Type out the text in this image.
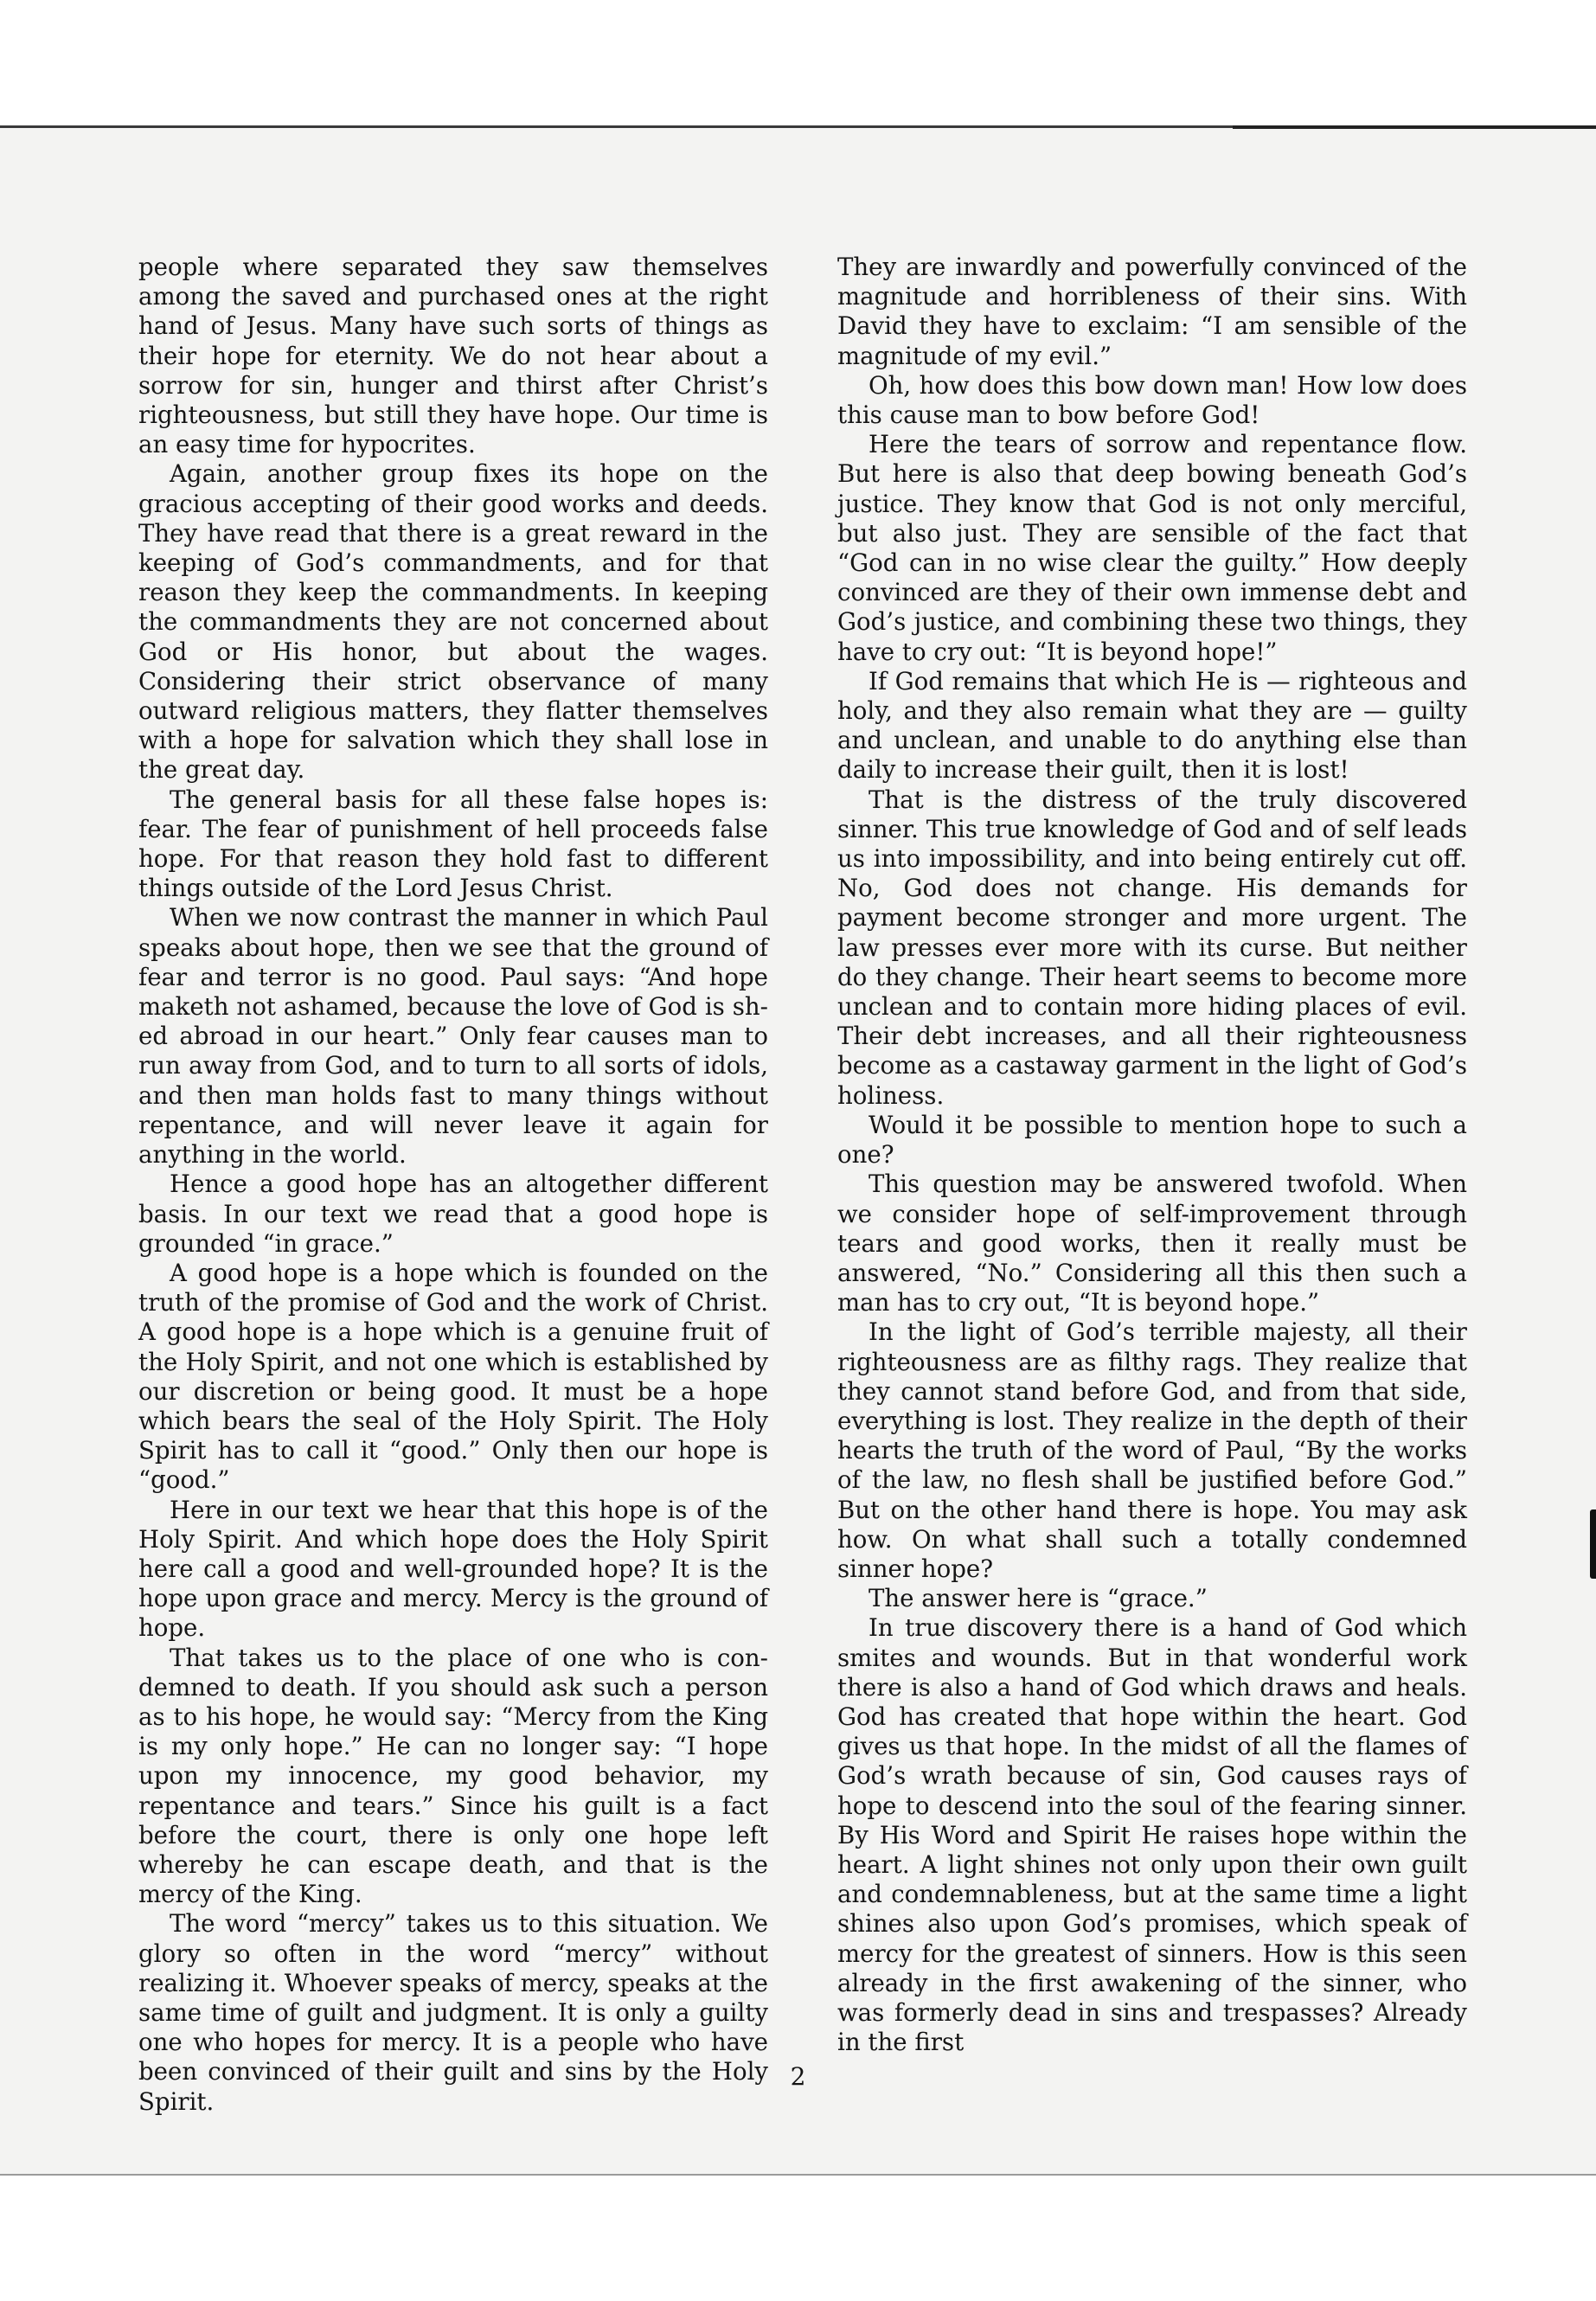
people where separated they saw themselves among the saved and purchased ones at the right hand of Jesus. Many have such sorts of things as their hope for eternity. We do not hear about a sorrow for sin, hunger and thirst after Christ’s righteousness, but still they have hope. Our time is an easy time for hypocrites.

Again, another group fixes its hope on the gracious accepting of their good works and deeds. They have read that there is a great reward in the keeping of God’s commandments, and for that reason they keep the commandments. In keeping the commandments they are not concerned about God or His honor, but about the wages. Considering their strict observance of many outward religious matters, they flatter themselves with a hope for salvation which they shall lose in the great day.

The general basis for all these false hopes is: fear. The fear of punishment of hell proceeds false hope. For that reason they hold fast to different things outside of the Lord Jesus Christ.

When we now contrast the manner in which Paul speaks about hope, then we see that the ground of fear and terror is no good. Paul says: “And hope maketh not ashamed, because the love of God is shed abroad in our heart.” Only fear causes man to run away from God, and to turn to all sorts of idols, and then man holds fast to many things without repentance, and will never leave it again for anything in the world.

Hence a good hope has an altogether different basis. In our text we read that a good hope is grounded “in grace.”

A good hope is a hope which is founded on the truth of the promise of God and the work of Christ. A good hope is a hope which is a genuine fruit of the Holy Spirit, and not one which is established by our discretion or being good. It must be a hope which bears the seal of the Holy Spirit. The Holy Spirit has to call it “good.” Only then our hope is “good.”

Here in our text we hear that this hope is of the Holy Spirit. And which hope does the Holy Spirit here call a good and well-grounded hope? It is the hope upon grace and mercy. Mercy is the ground of hope.

That takes us to the place of one who is condemned to death. If you should ask such a person as to his hope, he would say: “Mercy from the King is my only hope.” He can no longer say: “I hope upon my innocence, my good behavior, my repentance and tears.” Since his guilt is a fact before the court, there is only one hope left whereby he can escape death, and that is the mercy of the King.

The word “mercy” takes us to this situation. We glory so often in the word “mercy” without realizing it. Whoever speaks of mercy, speaks at the same time of guilt and judgment. It is only a guilty one who hopes for mercy. It is a people who have been convinced of their guilt and sins by the Holy Spirit.

They are inwardly and powerfully convinced of the magnitude and horribleness of their sins. With David they have to exclaim: “I am sensible of the magnitude of my evil.”

Oh, how does this bow down man! How low does this cause man to bow before God!

Here the tears of sorrow and repentance flow. But here is also that deep bowing beneath God’s justice. They know that God is not only merciful, but also just. They are sensible of the fact that “God can in no wise clear the guilty.” How deeply convinced are they of their own immense debt and God’s justice, and combining these two things, they have to cry out: “It is beyond hope!”

If God remains that which He is — righteous and holy, and they also remain what they are — guilty and unclean, and unable to do anything else than daily to increase their guilt, then it is lost!

That is the distress of the truly discovered sinner. This true knowledge of God and of self leads us into impossibility, and into being entirely cut off. No, God does not change. His demands for payment become stronger and more urgent. The law presses ever more with its curse. But neither do they change. Their heart seems to become more unclean and to contain more hiding places of evil. Their debt increases, and all their righteousness become as a castaway garment in the light of God’s holiness.

Would it be possible to mention hope to such a one?

This question may be answered twofold. When we consider hope of self-improvement through tears and good works, then it really must be answered, “No.” Considering all this then such a man has to cry out, “It is beyond hope.”

In the light of God’s terrible majesty, all their righteousness are as filthy rags. They realize that they cannot stand before God, and from that side, everything is lost. They realize in the depth of their hearts the truth of the word of Paul, “By the works of the law, no flesh shall be justified before God.” But on the other hand there is hope. You may ask how. On what shall such a totally condemned sinner hope?

The answer here is “grace.”

In true discovery there is a hand of God which smites and wounds. But in that wonderful work there is also a hand of God which draws and heals. God has created that hope within the heart. God gives us that hope. In the midst of all the flames of God’s wrath because of sin, God causes rays of hope to descend into the soul of the fearing sinner. By His Word and Spirit He raises hope within the heart. A light shines not only upon their own guilt and condemnableness, but at the same time a light shines also upon God’s promises, which speak of mercy for the greatest of sinners. How is this seen already in the first awakening of the sinner, who was formerly dead in sins and trespasses? Already in the first

2
